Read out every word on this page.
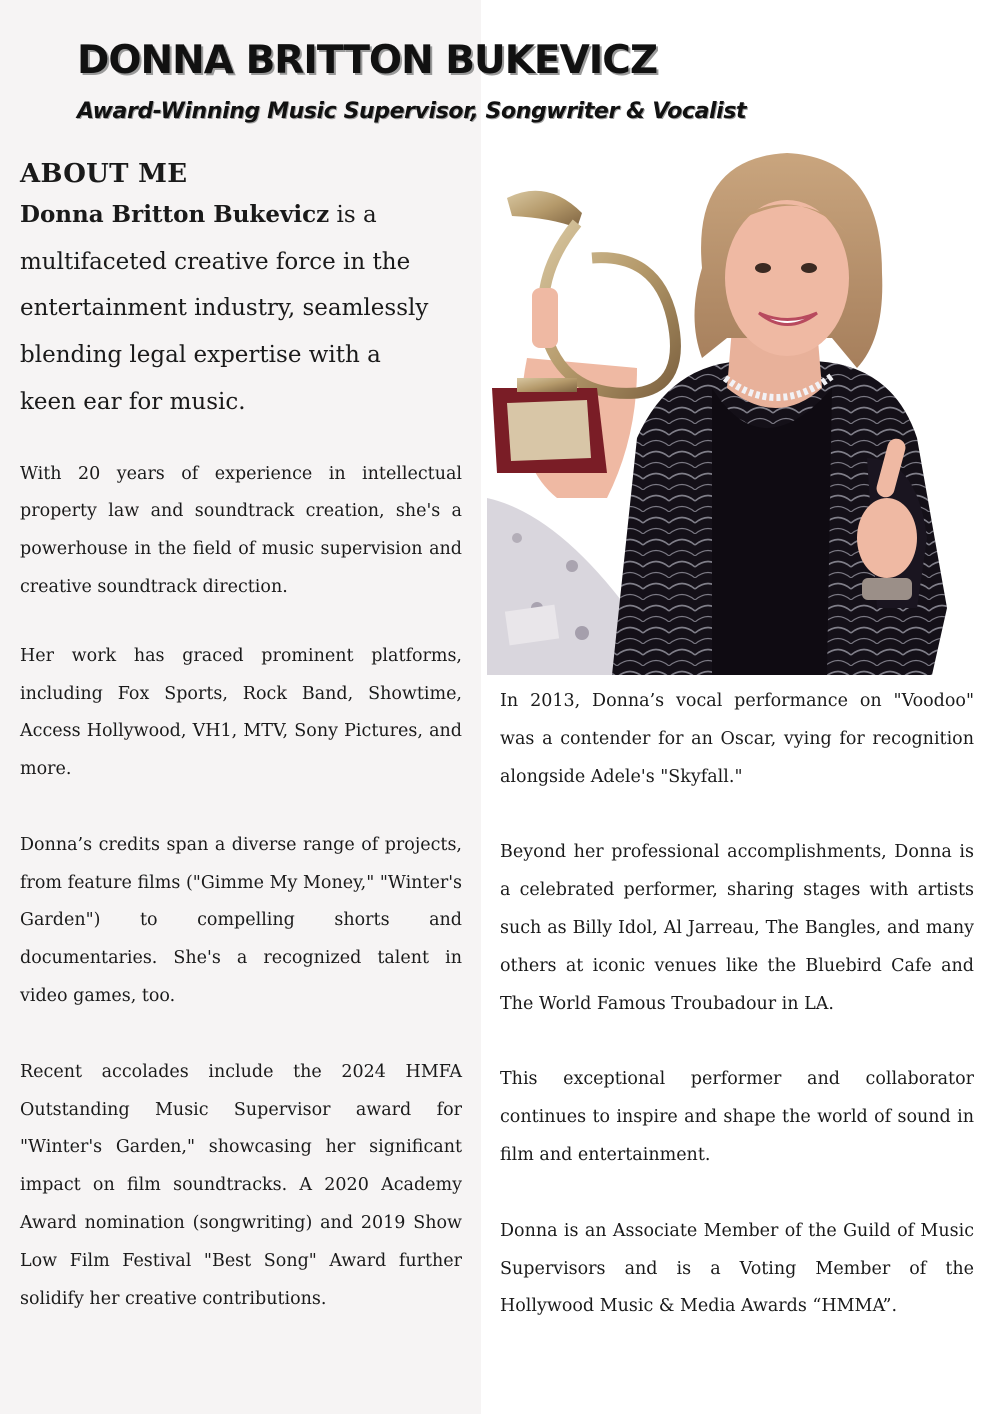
DONNA BRITTON BUKEVICZ
Award-Winning Music Supervisor, Songwriter & Vocalist
ABOUT ME
Donna Britton Bukevicz is a
multifaceted creative force in the
entertainment industry, seamlessly
blending legal expertise with a
keen ear for music.

With 20 years of experience in intellectual property law and soundtrack creation, she's a powerhouse in the field of music supervision and creative soundtrack direction.

Her work has graced prominent platforms, including Fox Sports, Rock Band, Showtime, Access Hollywood, VH1, MTV, Sony Pictures, and more.

Donna’s credits span a diverse range of projects, from feature films ("Gimme My Money," "Winter's Garden") to compelling shorts and documentaries. She's a recognized talent in video games, too.

Recent accolades include the 2024 HMFA Outstanding Music Supervisor award for "Winter's Garden," showcasing her significant impact on film soundtracks. A 2020 Academy Award nomination (songwriting) and 2019 Show Low Film Festival "Best Song" Award further solidify her creative contributions.

In 2013, Donna’s vocal performance on "Voodoo" was a contender for an Oscar, vying for recognition alongside Adele's "Skyfall."

Beyond her professional accomplishments, Donna is a celebrated performer, sharing stages with artists such as Billy Idol, Al Jarreau, The Bangles, and many others at iconic venues like the Bluebird Cafe and The World Famous Troubadour in LA.

This exceptional performer and collaborator continues to inspire and shape the world of sound in film and entertainment.

Donna is an Associate Member of the Guild of Music Supervisors and is a Voting Member of the Hollywood Music & Media Awards “HMMA”.
